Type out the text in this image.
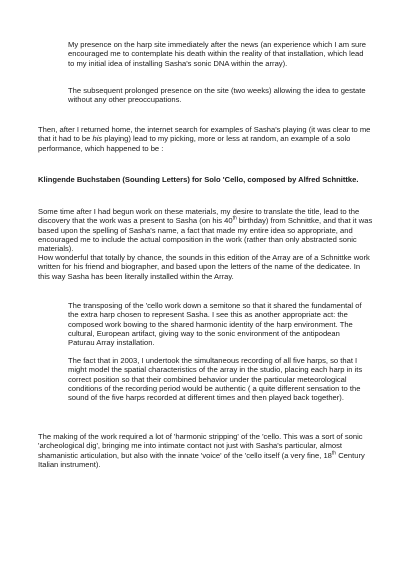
My presence on the harp site immediately after the news (an experience which I am sure encouraged me to contemplate his death within the reality of that installation, which lead to my initial idea of installing Sasha's sonic DNA within the array).

The subsequent prolonged presence on the site (two weeks) allowing the idea to gestate without any other preoccupations.

Then, after I returned home, the internet search for examples of Sasha's playing (it was clear to me that it had to be his playing) lead to my picking, more or less at random, an example of a solo performance, which happened to be :

Klingende Buchstaben (Sounding Letters) for Solo 'Cello, composed by Alfred Schnittke.

Some time after I had begun work on these materials, my desire to translate the title, lead to the discovery that the work was a present to Sasha (on his 40th birthday) from Schnittke, and that it was based upon the spelling of Sasha's name, a fact that made my entire idea so appropriate, and encouraged me to include the actual composition in the work (rather than only abstracted sonic materials).

How wonderful that totally by chance, the sounds in this edition of the Array are of a Schnittke work written for his friend and biographer, and based upon the letters of the name of the dedicatee. In this way Sasha has been literally installed within the Array.

The transposing of the 'cello work down a semitone so that it shared the fundamental of the extra harp chosen to represent Sasha. I see this as another appropriate act: the composed work bowing to the shared harmonic identity of the harp environment. The cultural, European artifact, giving way to the sonic environment of the antipodean Paturau Array installation.

The fact that in 2003, I undertook the simultaneous recording of all five harps, so that I might model the spatial characteristics of the array in the studio, placing each harp in its correct position so that their combined behavior under the particular meteorological conditions of the recording period would be authentic ( a quite different sensation to the sound of the five harps recorded at different times and then played back together).

The making of the work required a lot of 'harmonic stripping' of the 'cello. This was a sort of sonic 'archeological dig', bringing me into intimate contact not just with Sasha's particular, almost shamanistic articulation, but also with the innate 'voice' of the 'cello itself (a very fine, 18th Century Italian instrument).
